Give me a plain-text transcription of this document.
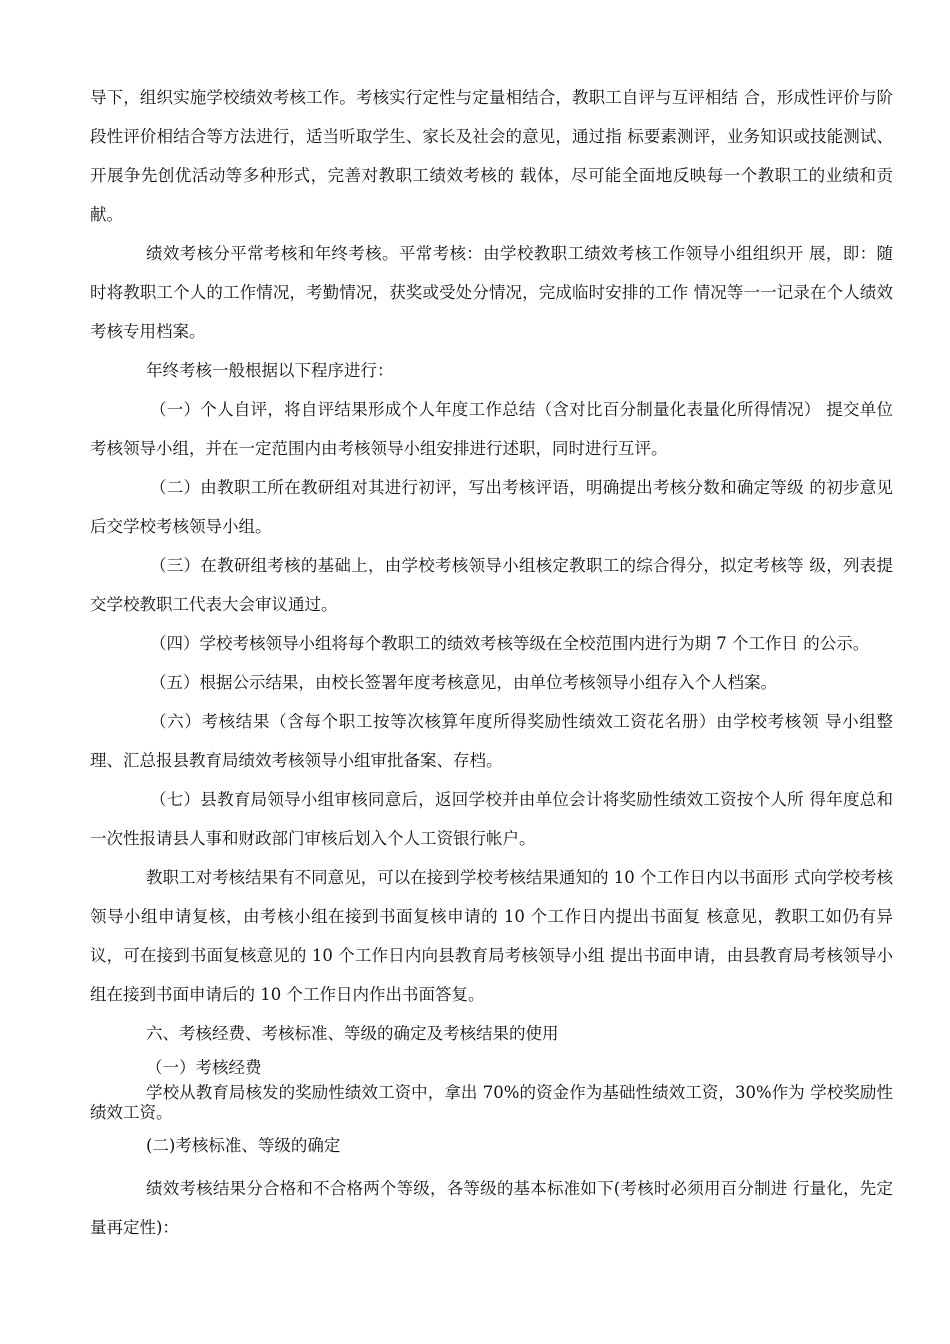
导下，组织实施学校绩效考核工作。考核实行定性与定量相结合，教职工自评与互评相结 合，形成性评价与阶段性评价相结合等方法进行，适当听取学生、家长及社会的意见，通过指 标要素测评，业务知识或技能测试、开展争先创优活动等多种形式，完善对教职工绩效考核的 载体，尽可能全面地反映每一个教职工的业绩和贡献。

绩效考核分平常考核和年终考核。平常考核：由学校教职工绩效考核工作领导小组组织开 展，即：随时将教职工个人的工作情况，考勤情况，获奖或受处分情况，完成临时安排的工作 情况等一一记录在个人绩效考核专用档案。

年终考核一般根据以下程序进行：

（一）个人自评，将自评结果形成个人年度工作总结（含对比百分制量化表量化所得情况） 提交单位考核领导小组，并在一定范围内由考核领导小组安排进行述职，同时进行互评。

（二）由教职工所在教研组对其进行初评，写出考核评语，明确提出考核分数和确定等级 的初步意见后交学校考核领导小组。

（三）在教研组考核的基础上，由学校考核领导小组核定教职工的综合得分，拟定考核等 级，列表提交学校教职工代表大会审议通过。

（四）学校考核领导小组将每个教职工的绩效考核等级在全校范围内进行为期 7 个工作日 的公示。

（五）根据公示结果，由校长签署年度考核意见，由单位考核领导小组存入个人档案。

（六）考核结果（含每个职工按等次核算年度所得奖励性绩效工资花名册）由学校考核领 导小组整理、汇总报县教育局绩效考核领导小组审批备案、存档。

（七）县教育局领导小组审核同意后，返回学校并由单位会计将奖励性绩效工资按个人所 得年度总和一次性报请县人事和财政部门审核后划入个人工资银行帐户。

教职工对考核结果有不同意见，可以在接到学校考核结果通知的 10 个工作日内以书面形 式向学校考核领导小组申请复核，由考核小组在接到书面复核申请的 10 个工作日内提出书面复 核意见，教职工如仍有异议，可在接到书面复核意见的 10 个工作日内向县教育局考核领导小组 提出书面申请，由县教育局考核领导小组在接到书面申请后的 10 个工作日内作出书面答复。

六、考核经费、考核标准、等级的确定及考核结果的使用

（一）考核经费

学校从教育局核发的奖励性绩效工资中，拿出 70%的资金作为基础性绩效工资，30%作为 学校奖励性绩效工资。

(二)考核标准、等级的确定

绩效考核结果分合格和不合格两个等级，各等级的基本标准如下(考核时必须用百分制进 行量化，先定量再定性)：
